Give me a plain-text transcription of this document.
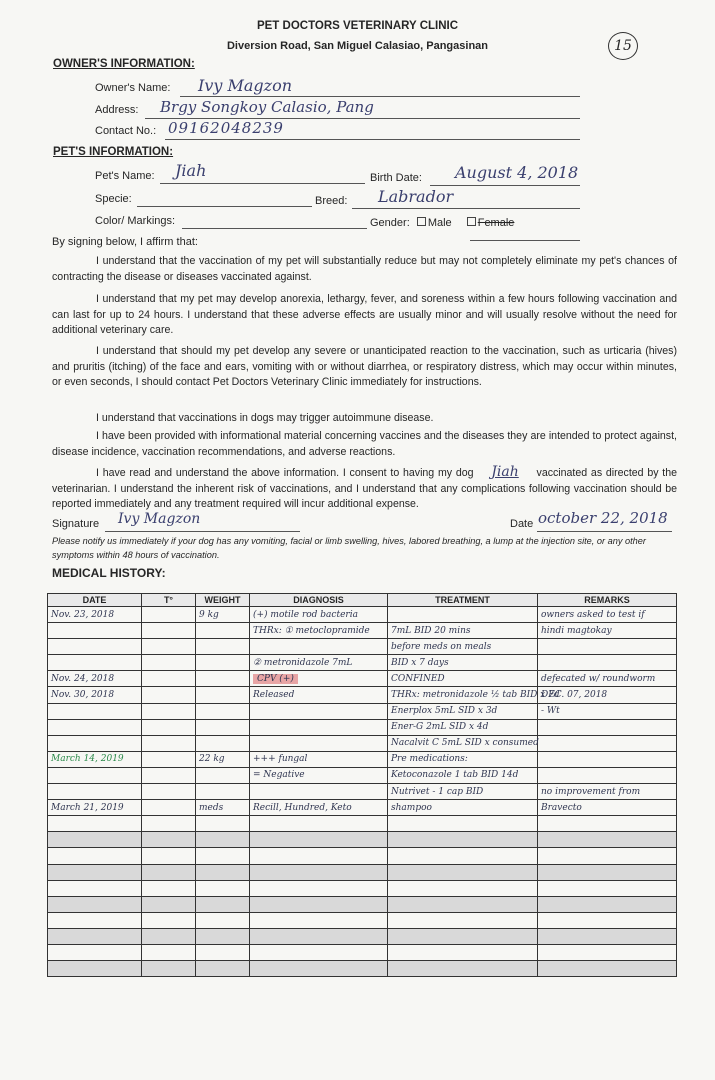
PET DOCTORS VETERINARY CLINIC
Diversion Road, San Miguel Calasiao, Pangasinan	15
OWNER'S INFORMATION:
Owner's Name: Ivy Magzon
Address: Brgy Songkoy Calasio, Pang
Contact No.: 09162048239
PET'S INFORMATION:
Pet's Name: Jiah	Birth Date: August 4, 2018
Specie:	Breed: Labrador
Color/ Markings:	Gender: Male Female
By signing below, I affirm that:
I understand that the vaccination of my pet will substantially reduce but may not completely eliminate my pet's chances of contracting the disease or diseases vaccinated against.
I understand that my pet may develop anorexia, lethargy, fever, and soreness within a few hours following vaccination and can last for up to 24 hours. I understand that these adverse effects are usually minor and will usually resolve without the need for additional veterinary care.
I understand that should my pet develop any severe or unanticipated reaction to the vaccination, such as urticaria (hives) and pruritis (itching) of the face and ears, vomiting with or without diarrhea, or respiratory distress, which may occur within minutes, or even seconds, I should contact Pet Doctors Veterinary Clinic immediately for instructions.
I understand that vaccinations in dogs may trigger autoimmune disease.
I have been provided with informational material concerning vaccines and the diseases they are intended to protect against, disease incidence, vaccination recommendations, and adverse reactions.
I have read and understand the above information. I consent to having my dog Jiah vaccinated as directed by the veterinarian. I understand the inherent risk of vaccinations, and I understand that any complications following vaccination should be reported immediately and any treatment required will incur additional expense.
Signature Ivy Magzon	Date october 22, 2018
Please notify us immediately if your dog has any vomiting, facial or limb swelling, hives, labored breathing, a lump at the injection site, or any other symptoms within 48 hours of vaccination.
MEDICAL HISTORY:
DATE	T°	WEIGHT	DIAGNOSIS	TREATMENT	REMARKS
Nov. 23, 2018		9 kg	(+) motile rod bacteria		owners asked to test if
			THRx: ① metoclopramide	7mL BID 20 mins	hindi magtokay
				before meds on meals	
			② metronidazole 7mL	BID x 7 days	
Nov. 24, 2018			CPV (+)	CONFINED	defecated w/ roundworm
Nov. 30, 2018			Released	THRx: metronidazole ½ tab BID x 7d	DEC. 07, 2018
				Enerplox 5mL SID x 3d	- Wt
				Ener-G 2mL SID x 4d	
				Nacalvit C 5mL SID x consumed	
March 14, 2019		22 kg	+++ fungal	Pre medications:	
			= Negative	Ketoconazole 1 tab BID 14d	
				Nutrivet - 1 cap BID	no improvement from
March 21, 2019		meds	Recill, Hundred, Keto	shampoo	Bravecto
